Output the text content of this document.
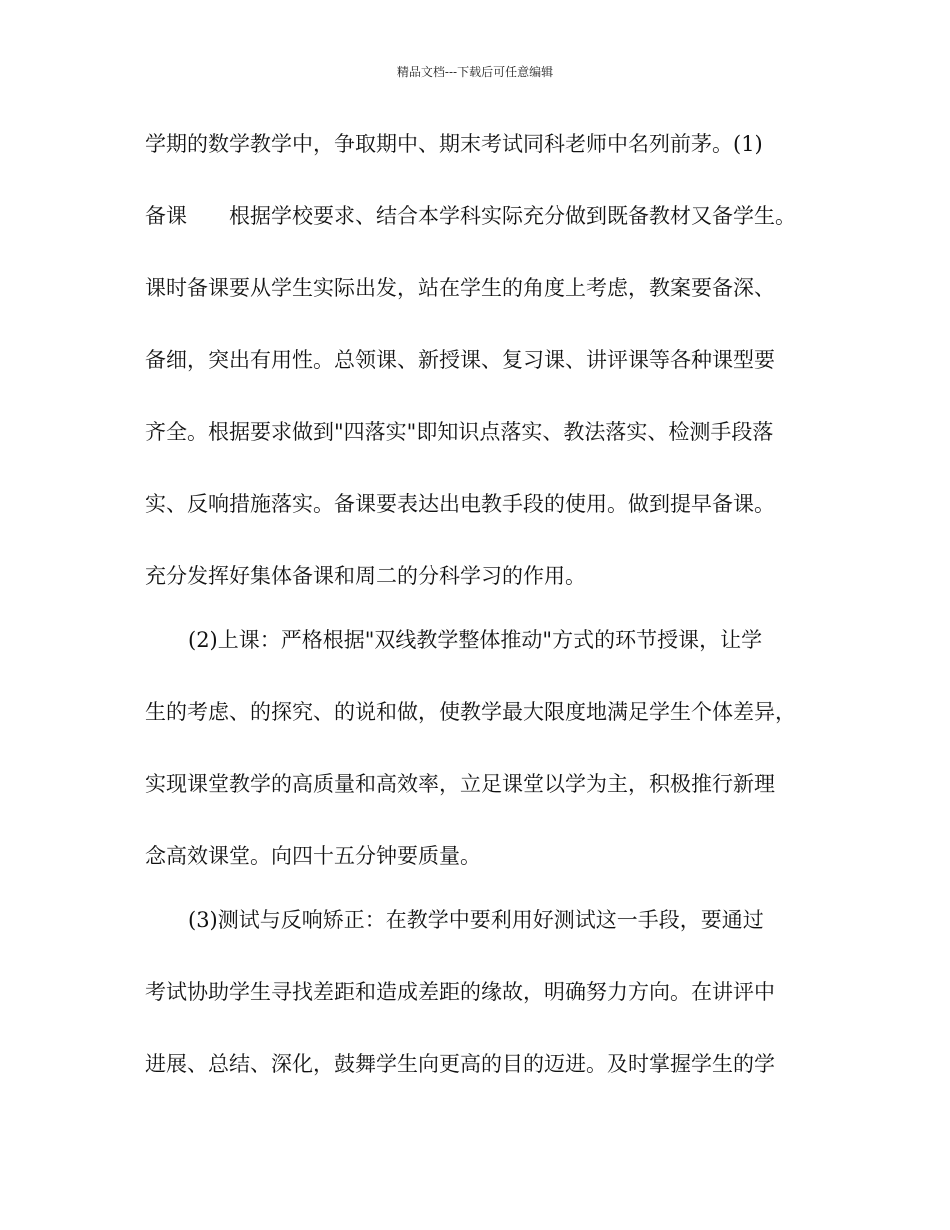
精品文档---下载后可任意编辑
学期的数学教学中，争取期中、期末考试同科老师中名列前茅。(1)
备课　　根据学校要求、结合本学科实际充分做到既备教材又备学生。
课时备课要从学生实际出发，站在学生的角度上考虑，教案要备深、
备细，突出有用性。总领课、新授课、复习课、讲评课等各种课型要
齐全。根据要求做到"四落实"即知识点落实、教法落实、检测手段落
实、反响措施落实。备课要表达出电教手段的使用。做到提早备课。
充分发挥好集体备课和周二的分科学习的作用。
(2)上课：严格根据"双线教学整体推动"方式的环节授课，让学
生的考虑、的探究、的说和做，使教学最大限度地满足学生个体差异，
实现课堂教学的高质量和高效率，立足课堂以学为主，积极推行新理
念高效课堂。向四十五分钟要质量。
(3)测试与反响矫正：在教学中要利用好测试这一手段，要通过
考试协助学生寻找差距和造成差距的缘故，明确努力方向。在讲评中
进展、总结、深化，鼓舞学生向更高的目的迈进。及时掌握学生的学
